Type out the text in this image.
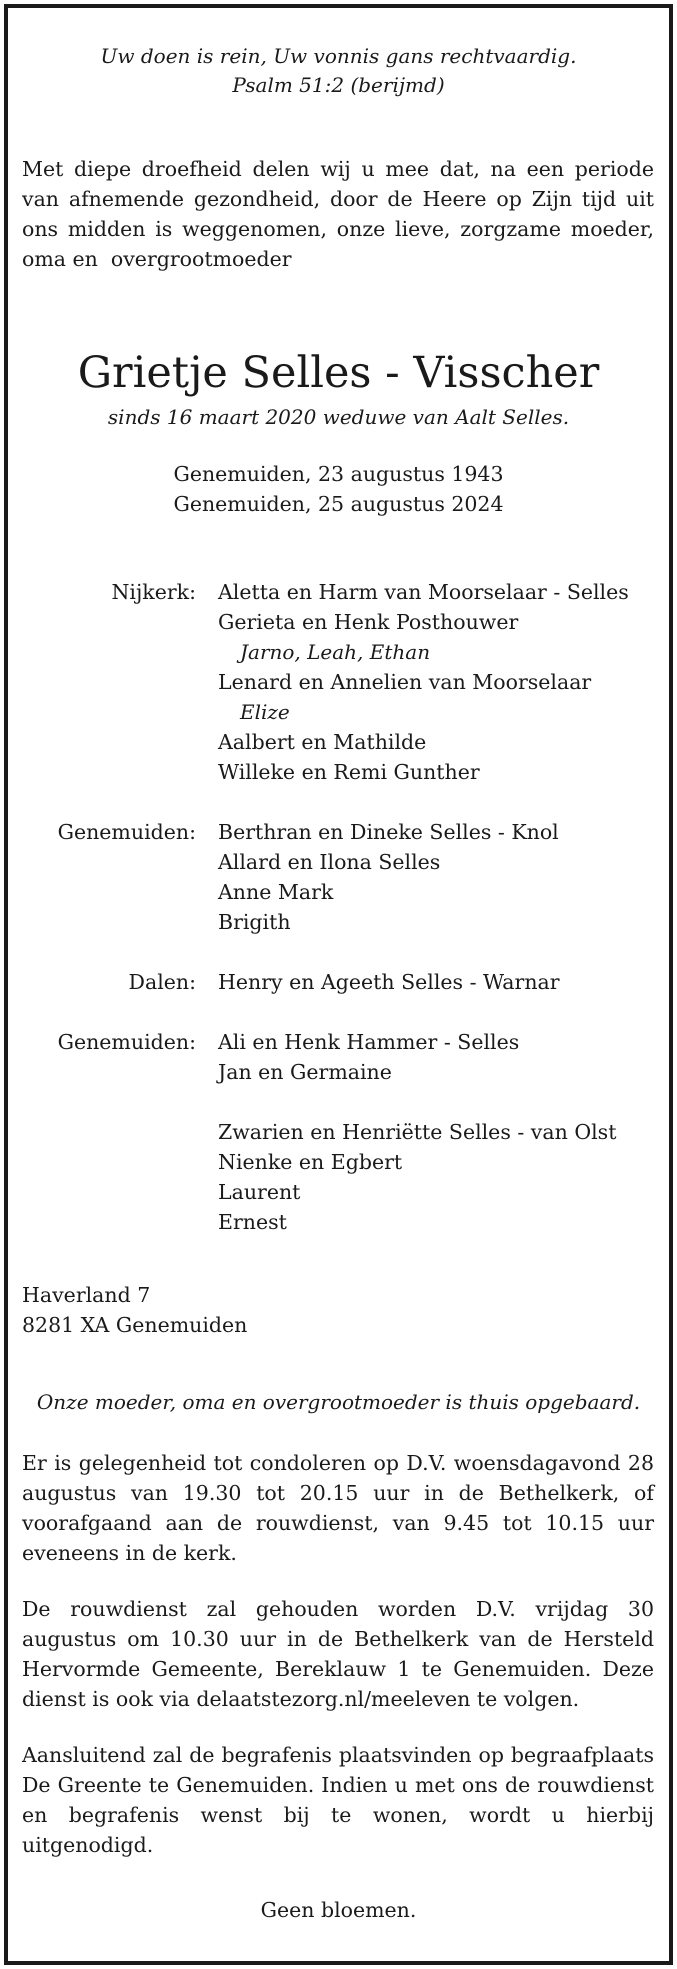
Uw doen is rein, Uw vonnis gans rechtvaardig.
Psalm 51:2 (berijmd)

Met diepe droefheid delen wij u mee dat, na een periode van afnemende gezondheid, door de Heere op Zijn tijd uit ons midden is weggenomen, onze lieve, zorgzame moeder, oma en  overgrootmoeder

Grietje Selles - Visscher
sinds 16 maart 2020 weduwe van Aalt Selles.
Genemuiden, 23 augustus 1943
Genemuiden, 25 augustus 2024
Nijkerk: Aletta en Harm van Moorselaar - Selles
Gerieta en Henk Posthouwer
Jarno, Leah, Ethan
Lenard en Annelien van Moorselaar
Elize
Aalbert en Mathilde
Willeke en Remi Gunther
Genemuiden: Berthran en Dineke Selles - Knol
Allard en Ilona Selles
Anne Mark
Brigith
Dalen: Henry en Ageeth Selles - Warnar
Genemuiden: Ali en Henk Hammer - Selles
Jan en Germaine
Zwarien en Henriëtte Selles - van Olst
Nienke en Egbert
Laurent
Ernest
Haverland 7
8281 XA Genemuiden
Onze moeder, oma en overgrootmoeder is thuis opgebaard.

Er is gelegenheid tot condoleren op D.V. woensdagavond 28 augustus van 19.30 tot 20.15 uur in de Bethelkerk, of voorafgaand aan de rouwdienst, van 9.45 tot 10.15 uur eveneens in de kerk.

De rouwdienst zal gehouden worden D.V. vrijdag 30 augustus om 10.30 uur in de Bethelkerk van de Hersteld Hervormde Gemeente, Bereklauw 1 te Genemuiden. Deze dienst is ook via delaatstezorg.nl/meeleven te volgen.

Aansluitend zal de begrafenis plaatsvinden op begraafplaats De Greente te Genemuiden. Indien u met ons de rouwdienst en begrafenis wenst bij te wonen, wordt u hierbij uitgenodigd.

Geen bloemen.
